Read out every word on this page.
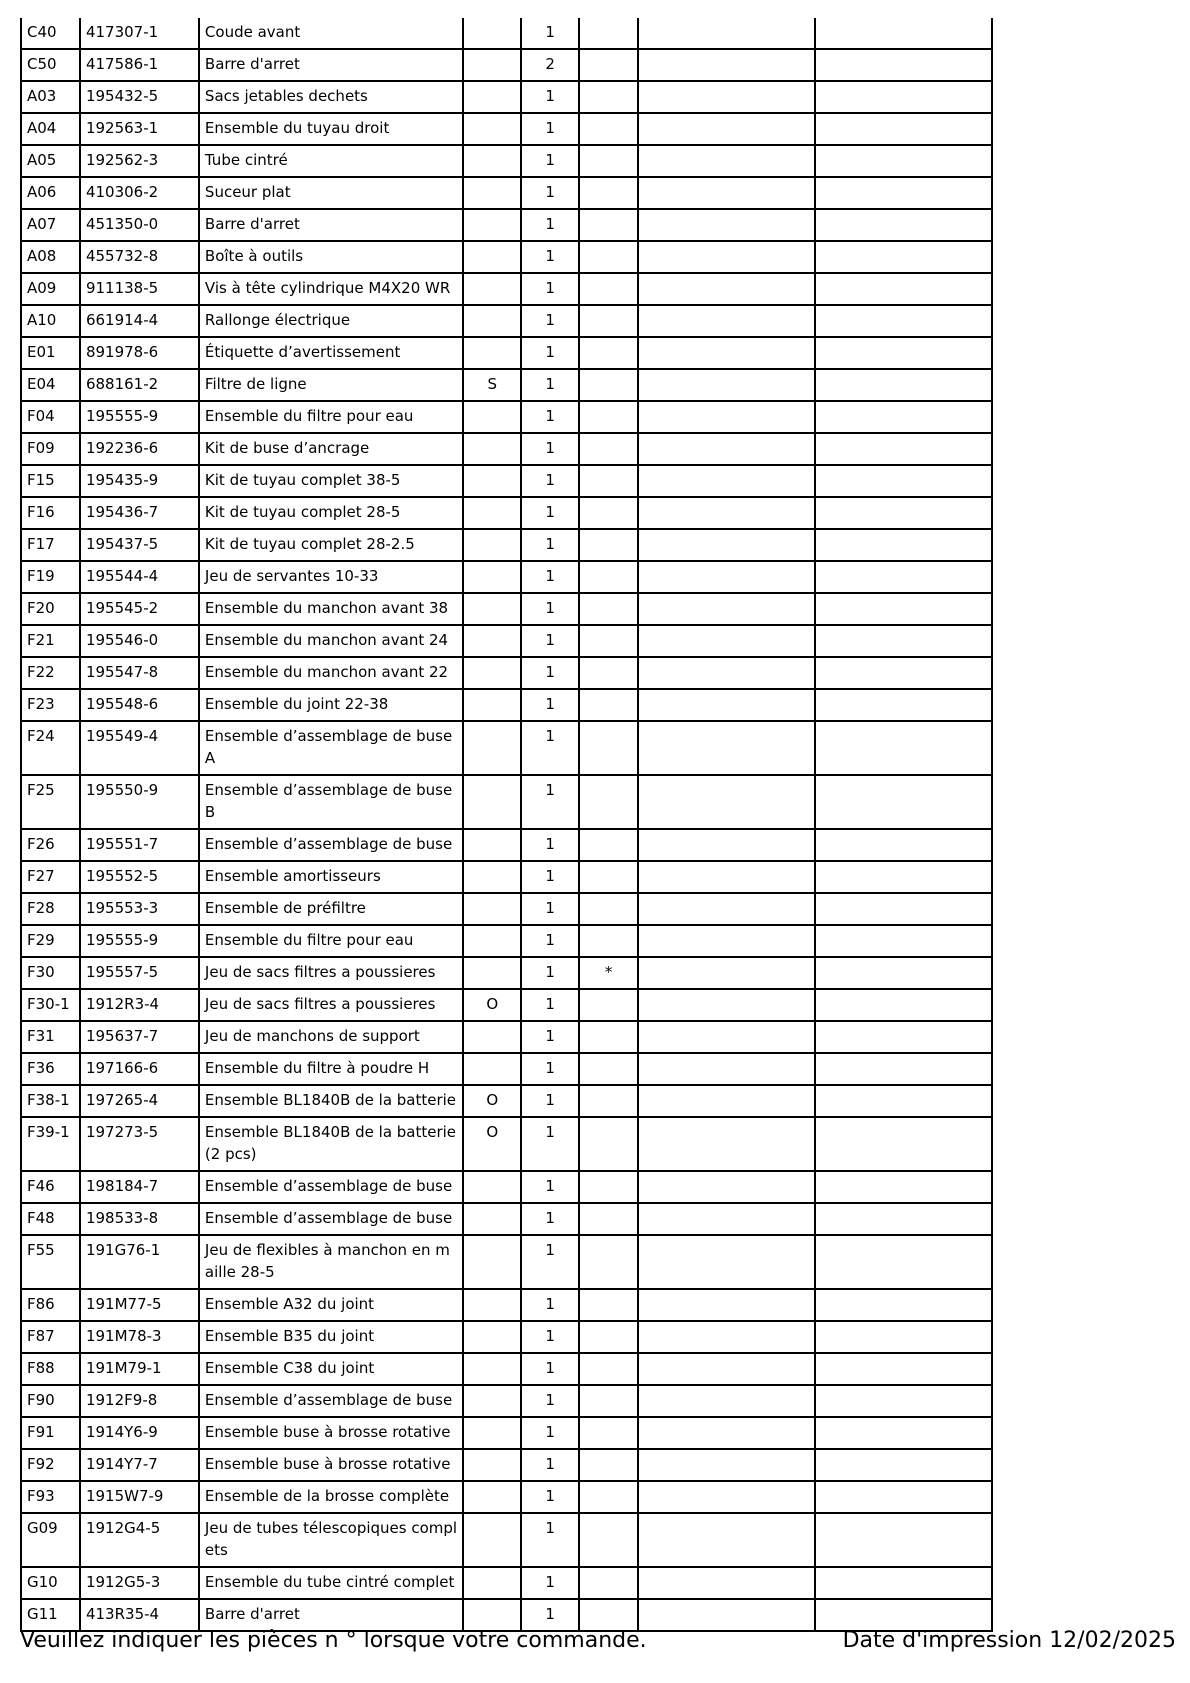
C40	417307-1	Coude avant		1			

C50	417586-1	Barre d'arret		2			

A03	195432-5	Sacs jetables dechets		1			

A04	192563-1	Ensemble du tuyau droit		1			

A05	192562-3	Tube cintré		1			

A06	410306-2	Suceur plat		1			

A07	451350-0	Barre d'arret		1			

A08	455732-8	Boîte à outils		1			

A09	911138-5	Vis à tête cylindrique M4X20 WR		1			

A10	661914-4	Rallonge électrique		1			

E01	891978-6	Étiquette d’avertissement		1			

E04	688161-2	Filtre de ligne	S	1			

F04	195555-9	Ensemble du filtre pour eau		1			

F09	192236-6	Kit de buse d’ancrage		1			

F15	195435-9	Kit de tuyau complet 38-5		1			

F16	195436-7	Kit de tuyau complet 28-5		1			

F17	195437-5	Kit de tuyau complet 28-2.5		1			

F19	195544-4	Jeu de servantes 10-33		1			

F20	195545-2	Ensemble du manchon avant 38		1			

F21	195546-0	Ensemble du manchon avant 24		1			

F22	195547-8	Ensemble du manchon avant 22		1			

F23	195548-6	Ensemble du joint 22-38		1			

F24	195549-4	Ensemble d’assemblage de buse A		1			

F25	195550-9	Ensemble d’assemblage de buse B		1			

F26	195551-7	Ensemble d’assemblage de buse		1			

F27	195552-5	Ensemble amortisseurs		1			

F28	195553-3	Ensemble de préfiltre		1			

F29	195555-9	Ensemble du filtre pour eau		1			

F30	195557-5	Jeu de sacs filtres a poussieres		1	*		

F30-1	1912R3-4	Jeu de sacs filtres a poussieres	O	1			

F31	195637-7	Jeu de manchons de support		1			

F36	197166-6	Ensemble du filtre à poudre H		1			

F38-1	197265-4	Ensemble BL1840B de la batterie	O	1			

F39-1	197273-5	Ensemble BL1840B de la batterie (2 pcs)	O	1			

F46	198184-7	Ensemble d’assemblage de buse		1			

F48	198533-8	Ensemble d’assemblage de buse		1			

F55	191G76-1	Jeu de flexibles à manchon en maille 28-5		1			

F86	191M77-5	Ensemble A32 du joint		1			

F87	191M78-3	Ensemble B35 du joint		1			

F88	191M79-1	Ensemble C38 du joint		1			

F90	1912F9-8	Ensemble d’assemblage de buse		1			

F91	1914Y6-9	Ensemble buse à brosse rotative		1			

F92	1914Y7-7	Ensemble buse à brosse rotative		1			

F93	1915W7-9	Ensemble de la brosse complète		1			

G09	1912G4-5	Jeu de tubes télescopiques complets		1			

G10	1912G5-3	Ensemble du tube cintré complet		1			

G11	413R35-4	Barre d'arret		1			

Veuillez indiquer les pièces n ° lorsque votre commande.	Date d'impression 12/02/2025
